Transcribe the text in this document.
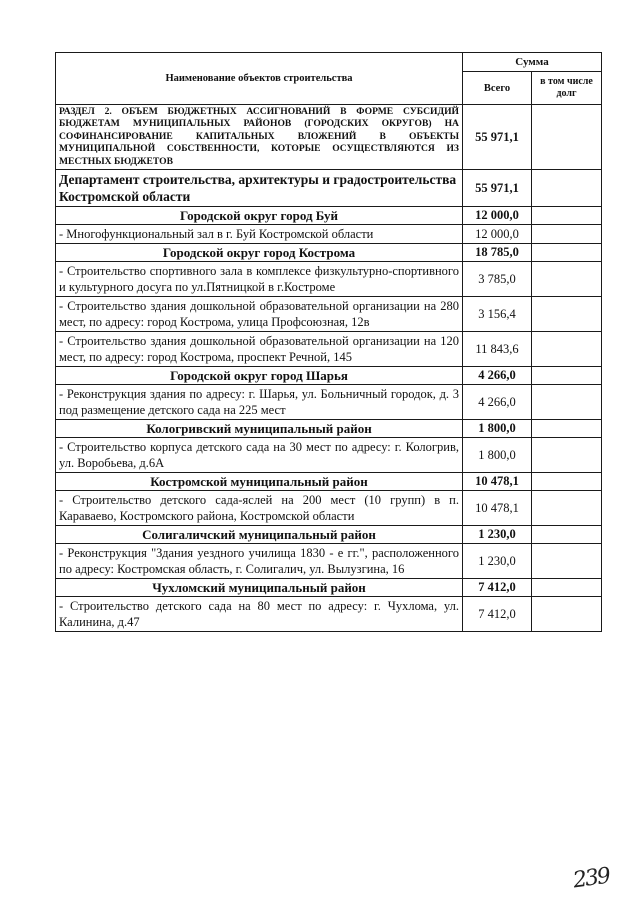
Наименование объектов строительства	Сумма	
	Всего	в том числе долг
РАЗДЕЛ 2. ОБЪЕМ БЮДЖЕТНЫХ АССИГНОВАНИЙ В ФОРМЕ СУБСИДИЙ БЮДЖЕТАМ МУНИЦИПАЛЬНЫХ РАЙОНОВ (ГОРОДСКИХ ОКРУГОВ) НА СОФИНАНСИРОВАНИЕ КАПИТАЛЬНЫХ ВЛОЖЕНИЙ В ОБЪЕКТЫ МУНИЦИПАЛЬНОЙ СОБСТВЕННОСТИ, КОТОРЫЕ ОСУЩЕСТВЛЯЮТСЯ ИЗ МЕСТНЫХ БЮДЖЕТОВ	55 971,1	
Департамент строительства, архитектуры и градостроительства Костромской области	55 971,1	
Городской округ город Буй	12 000,0	
- Многофункциональный зал в г. Буй Костромской области	12 000,0	
Городской округ город Кострома	18 785,0	
- Строительство спортивного зала в комплексе физкультурно-спортивного и культурного досуга по ул.Пятницкой в г.Костроме	3 785,0	
- Строительство здания дошкольной образовательной организации на 280 мест, по адресу: город Кострома, улица Профсоюзная, 12в	3 156,4	
- Строительство здания дошкольной образовательной организации на 120 мест, по адресу: город Кострома, проспект Речной, 145	11 843,6	
Городской округ город Шарья	4 266,0	
- Реконструкция здания по адресу: г. Шарья, ул. Больничный городок, д. 3 под размещение детского сада на 225 мест	4 266,0	
Кологривский муниципальный район	1 800,0	
- Строительство корпуса детского сада на 30 мест по адресу: г. Кологрив, ул. Воробьева, д.6А	1 800,0	
Костромской муниципальный район	10 478,1	
- Строительство детского сада-яслей на 200 мест (10 групп) в п. Караваево, Костромского района, Костромской области	10 478,1	
Солигаличский муниципальный район	1 230,0	
- Реконструкция "Здания уездного училища 1830 - е гг.", расположенного по адресу: Костромская область, г. Солигалич, ул. Вылузгина, 16	1 230,0	
Чухломский муниципальный район	7 412,0	
- Строительство детского сада на 80 мест по адресу: г. Чухлома, ул. Калинина, д.47	7 412,0	
239
